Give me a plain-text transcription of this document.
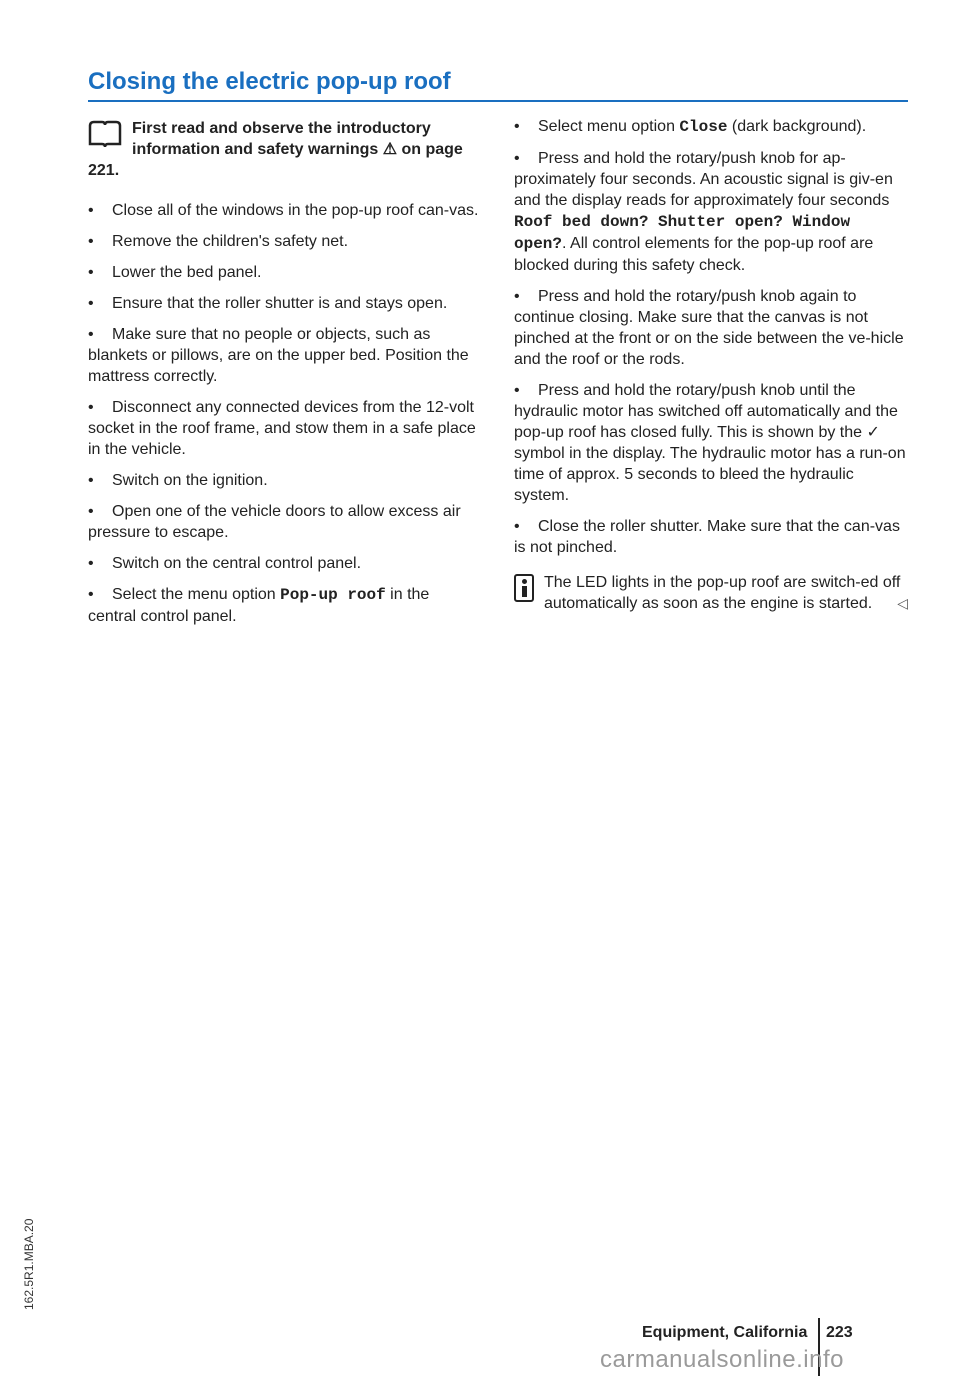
Closing the electric pop-up roof
First read and observe the introductory information and safety warnings ⚠ on page 221.
• Close all of the windows in the pop-up roof can-vas.
• Remove the children's safety net.
• Lower the bed panel.
• Ensure that the roller shutter is and stays open.
• Make sure that no people or objects, such as blankets or pillows, are on the upper bed. Position the mattress correctly.
• Disconnect any connected devices from the 12-volt socket in the roof frame, and stow them in a safe place in the vehicle.
• Switch on the ignition.
• Open one of the vehicle doors to allow excess air pressure to escape.
• Switch on the central control panel.
• Select the menu option Pop-up roof in the central control panel.
• Select menu option Close (dark background).
• Press and hold the rotary/push knob for ap-proximately four seconds. An acoustic signal is giv-en and the display reads for approximately four seconds Roof bed down? Shutter open? Window open?. All control elements for the pop-up roof are blocked during this safety check.
• Press and hold the rotary/push knob again to continue closing. Make sure that the canvas is not pinched at the front or on the side between the ve-hicle and the roof or the rods.
• Press and hold the rotary/push knob until the hydraulic motor has switched off automatically and the pop-up roof has closed fully. This is shown by the ✓ symbol in the display. The hydraulic motor has a run-on time of approx. 5 seconds to bleed the hydraulic system.
• Close the roller shutter. Make sure that the can-vas is not pinched.
The LED lights in the pop-up roof are switch-ed off automatically as soon as the engine is started. ◁
162.5R1.MBA.20
Equipment, California 223
carmanualsonline.info
